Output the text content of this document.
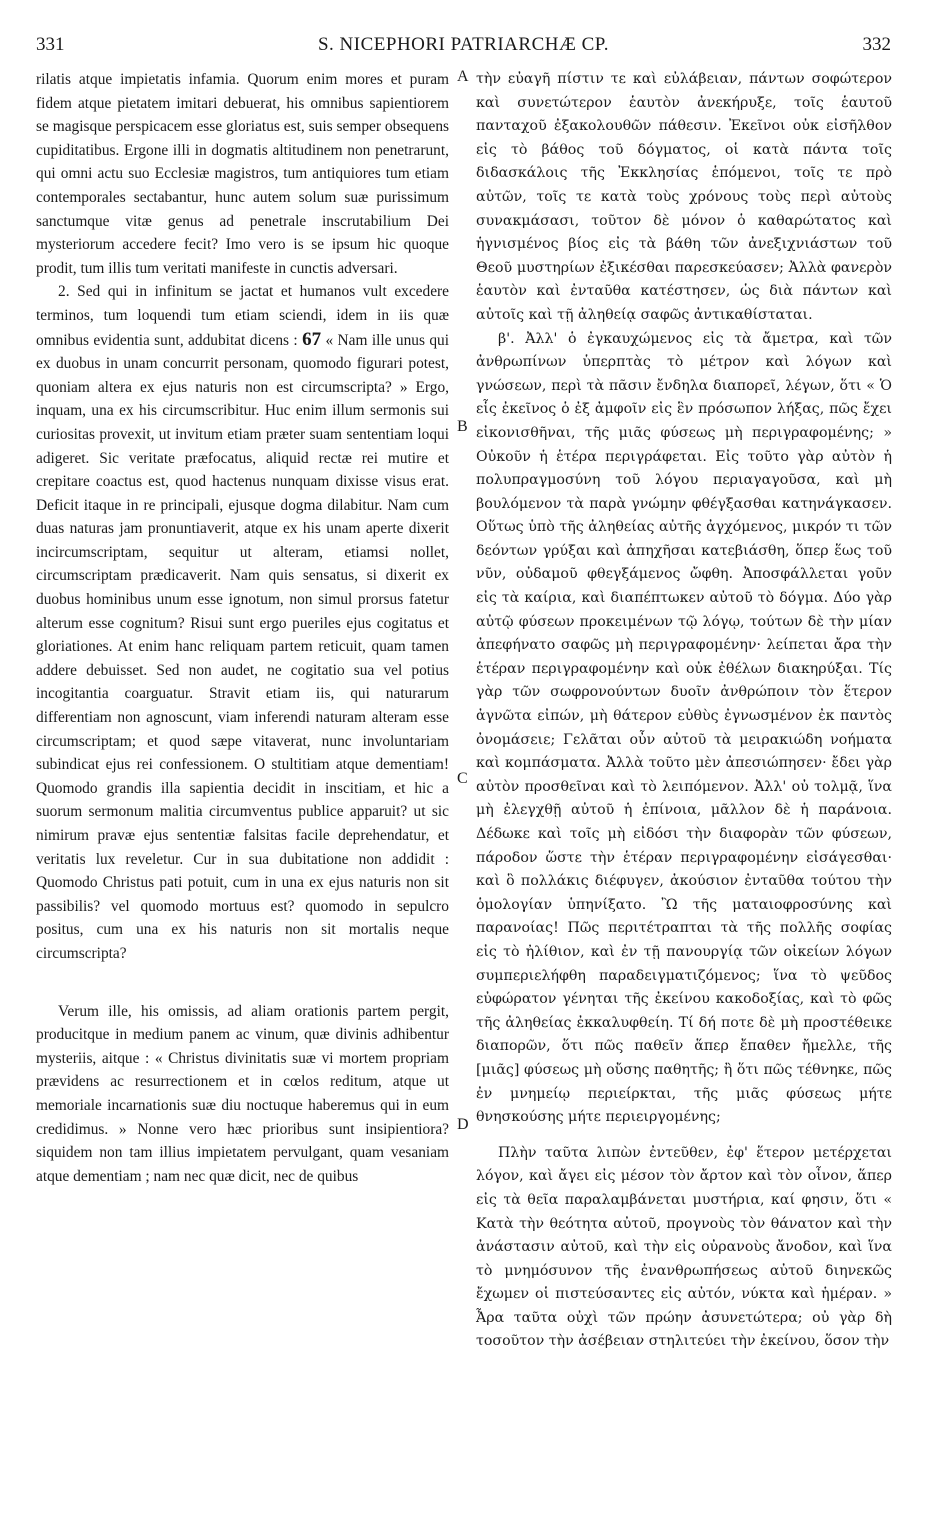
331	S. NICEPHORI PATRIARCHÆ CP.	332

rilatis atque impietatis infamia. Quorum enim mores et puram fidem atque pietatem imitari debuerat, his omnibus sapientiorem se magisque perspicacem esse gloriatus est, suis semper obsequens cupiditatibus. Ergone illi in dogmatis altitudinem non penetrarunt, qui omni actu suo Ecclesiæ magistros, tum antiquiores tum etiam contemporales sectabantur, hunc autem solum suæ purissimum sanctumque vitæ genus ad penetrale inscrutabilium Dei mysteriorum accedere fecit? Imo vero is se ipsum hic quoque prodit, tum illis tum veritati manifeste in cunctis adversari.

2. Sed qui in infinitum se jactat et humanos vult excedere terminos, tum loquendi tum etiam sciendi, idem in iis quæ omnibus evidentia sunt, addubitat dicens : 67 « Nam ille unus qui ex duobus in unam concurrit personam, quomodo figurari potest, quoniam altera ex ejus naturis non est circumscripta? » Ergo, inquam, una ex his circumscribitur. Huc enim illum sermonis sui curiositas provexit, ut invitum etiam præter suam sententiam loqui adigeret. Sic veritate præfocatus, aliquid rectæ rei mutire et crepitare coactus est, quod hactenus nunquam dixisse visus erat. Deficit itaque in re principali, ejusque dogma dilabitur. Nam cum duas naturas jam pronuntiaverit, atque ex his unam aperte dixerit incircumscriptam, sequitur ut alteram, etiamsi nollet, circumscriptam prædicaverit. Nam quis sensatus, si dixerit ex duobus hominibus unum esse ignotum, non simul prorsus fatetur alterum esse cognitum? Risui sunt ergo pueriles ejus cogitatus et gloriationes. At enim hanc reliquam partem reticuit, quam tamen addere debuisset. Sed non audet, ne cogitatio sua vel potius incogitantia coarguatur. Stravit etiam iis, qui naturarum differentiam non agnoscunt, viam inferendi naturam alteram esse circumscriptam; et quod sæpe vitaverat, nunc involuntariam subindicat ejus rei confessionem. O stultitiam atque dementiam! Quomodo grandis illa sapientia decidit in inscitiam, et hic a suorum sermonum malitia circumventus publice apparuit? ut sic nimirum pravæ ejus sententiæ falsitas facile deprehendatur, et veritatis lux reveletur. Cur in sua dubitatione non addidit : Quomodo Christus pati potuit, cum in una ex ejus naturis non sit passibilis? vel quomodo mortuus est? quomodo in sepulcro positus, cum una ex his naturis non sit mortalis neque circumscripta?

Verum ille, his omissis, ad aliam orationis partem pergit, producitque in medium panem ac vinum, quæ divinis adhibentur mysteriis, aitque : « Christus divinitatis suæ vi mortem propriam prævidens ac resurrectionem et in cœlos reditum, atque ut memoriale incarnationis suæ diu noctuque haberemus qui in eum credidimus. » Nonne vero hæc prioribus sunt insipientiora? siquidem non tam illius impietatem pervulgant, quam vesaniam atque dementiam ; nam nec quæ dicit, nec de quibus

A
B
C
D

τὴν εὐαγῆ πίστιν τε καὶ εὐλάβειαν, πάντων σοφώτερον καὶ συνετώτερον ἑαυτὸν ἀνεκήρυξε, τοῖς ἑαυτοῦ πανταχοῦ ἐξακολουθῶν πάθεσιν. Ἐκεῖνοι οὐκ εἰσῆλθον εἰς τὸ βάθος τοῦ δόγματος, οἱ κατὰ πάντα τοῖς διδασκάλοις τῆς Ἐκκλησίας ἑπόμενοι, τοῖς τε πρὸ αὐτῶν, τοῖς τε κατὰ τοὺς χρόνους τοὺς περὶ αὐτοὺς συνακμάσασι, τοῦτον δὲ μόνον ὁ καθαρώτατος καὶ ἡγνισμένος βίος εἰς τὰ βάθη τῶν ἀνεξιχνιάστων τοῦ Θεοῦ μυστηρίων ἐξικέσθαι παρεσκεύασεν; Ἀλλὰ φανερὸν ἑαυτὸν καὶ ἐνταῦθα κατέστησεν, ὡς διὰ πάντων καὶ αὐτοῖς καὶ τῇ ἀληθείᾳ σαφῶς ἀντικαθίσταται.

β'. Ἀλλ' ὁ ἐγκαυχώμενος εἰς τὰ ἄμετρα, καὶ τῶν ἀνθρωπίνων ὑπερπτὰς τὸ μέτρον καὶ λόγων καὶ γνώσεων, περὶ τὰ πᾶσιν ἔνδηλα διαπορεῖ, λέγων, ὅτι « Ὁ εἷς ἐκεῖνος ὁ ἐξ ἀμφοῖν εἰς ἓν πρόσωπον λήξας, πῶς ἔχει εἰκονισθῆναι, τῆς μιᾶς φύσεως μὴ περιγραφομένης; » Οὐκοῦν ἡ ἑτέρα περιγράφεται. Εἰς τοῦτο γὰρ αὐτὸν ἡ πολυπραγμοσύνη τοῦ λόγου περιαγαγοῦσα, καὶ μὴ βουλόμενον τὰ παρὰ γνώμην φθέγξασθαι κατηνάγκασεν. Οὕτως ὑπὸ τῆς ἀληθείας αὐτῆς ἀγχόμενος, μικρόν τι τῶν δεόντων γρύξαι καὶ ἀπηχῆσαι κατεβιάσθη, ὅπερ ἕως τοῦ νῦν, οὐδαμοῦ φθεγξάμενος ὤφθη. Ἀποσφάλλεται γοῦν εἰς τὰ καίρια, καὶ διαπέπτωκεν αὐτοῦ τὸ δόγμα. Δύο γὰρ αὐτῷ φύσεων προκειμένων τῷ λόγῳ, τούτων δὲ τὴν μίαν ἀπεφήνατο σαφῶς μὴ περιγραφομένην· λείπεται ἄρα τὴν ἑτέραν περιγραφομένην καὶ οὐκ ἐθέλων διακηρύξαι. Τίς γὰρ τῶν σωφρονούντων δυοῖν ἀνθρώποιν τὸν ἕτερον ἀγνῶτα εἰπών, μὴ θάτερον εὐθὺς ἐγνωσμένον ἐκ παντὸς ὀνομάσειε; Γελᾶται οὖν αὐτοῦ τὰ μειρακιώδη νοήματα καὶ κομπάσματα. Ἀλλὰ τοῦτο μὲν ἀπεσιώπησεν· ἔδει γὰρ αὐτὸν προσθεῖναι καὶ τὸ λειπόμενον. Ἀλλ' οὐ τολμᾷ, ἵνα μὴ ἐλεγχθῇ αὐτοῦ ἡ ἐπίνοια, μᾶλλον δὲ ἡ παράνοια. Δέδωκε καὶ τοῖς μὴ εἰδόσι τὴν διαφορὰν τῶν φύσεων, πάροδον ὥστε τὴν ἑτέραν περιγραφομένην εἰσάγεσθαι· καὶ ὃ πολλάκις διέφυγεν, ἀκούσιον ἐνταῦθα τούτου τὴν ὁμολογίαν ὑπηνίξατο. Ὢ τῆς ματαιοφροσύνης καὶ παρανοίας! Πῶς περιτέτραπται τὰ τῆς πολλῆς σοφίας εἰς τὸ ἠλίθιον, καὶ ἐν τῇ πανουργίᾳ τῶν οἰκείων λόγων συμπεριελήφθη παραδειγματιζόμενος; ἵνα τὸ ψεῦδος εὐφώρατον γένηται τῆς ἐκείνου κακοδοξίας, καὶ τὸ φῶς τῆς ἀληθείας ἐκκαλυφθείη. Τί δή ποτε δὲ μὴ προστέθεικε διαπορῶν, ὅτι πῶς παθεῖν ἅπερ ἔπαθεν ἤμελλε, τῆς [μιᾶς] φύσεως μὴ οὔσης παθητῆς; ἢ ὅτι πῶς τέθνηκε, πῶς ἐν μνημείῳ περιείρκται, τῆς μιᾶς φύσεως μήτε θνησκούσης μήτε περιειργομένης;

Πλὴν ταῦτα λιπὼν ἐντεῦθεν, ἐφ' ἕτερον μετέρχεται λόγον, καὶ ἄγει εἰς μέσον τὸν ἄρτον καὶ τὸν οἶνον, ἅπερ εἰς τὰ θεῖα παραλαμβάνεται μυστήρια, καί φησιν, ὅτι « Κατὰ τὴν θεότητα αὐτοῦ, προγνοὺς τὸν θάνατον καὶ τὴν ἀνάστασιν αὐτοῦ, καὶ τὴν εἰς οὐρανοὺς ἄνοδον, καὶ ἵνα τὸ μνημόσυνον τῆς ἐνανθρωπήσεως αὐτοῦ διηνεκῶς ἔχωμεν οἱ πιστεύσαντες εἰς αὐτόν, νύκτα καὶ ἡμέραν. » Ἆρα ταῦτα οὐχὶ τῶν πρώην ἀσυνετώτερα; οὐ γὰρ δὴ τοσοῦτον τὴν ἀσέβειαν στηλιτεύει τὴν ἐκείνου, ὅσον τὴν
